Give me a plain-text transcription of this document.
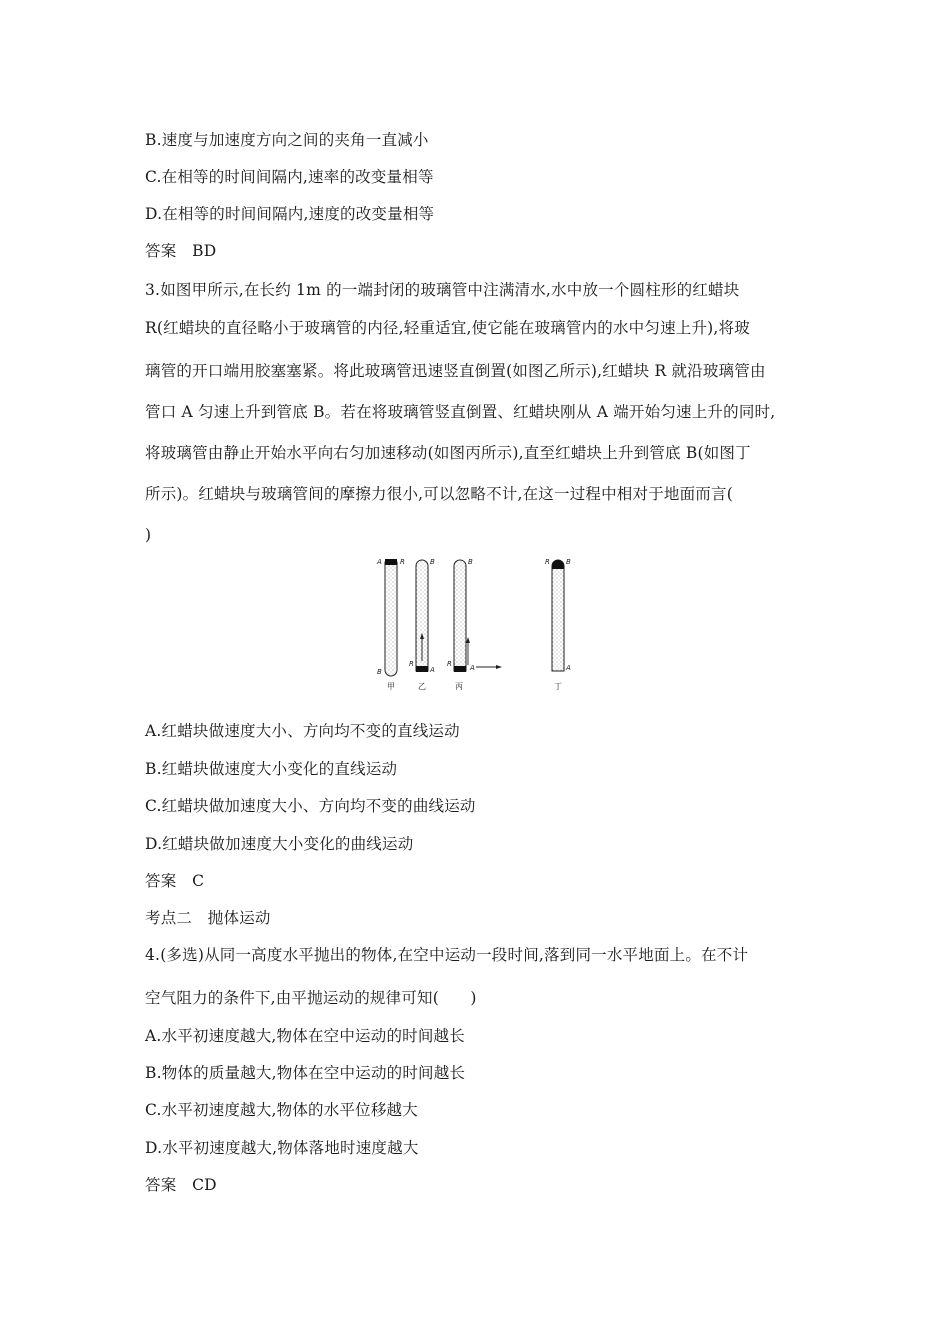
B.速度与加速度方向之间的夹角一直减小
C.在相等的时间间隔内,速率的改变量相等
D.在相等的时间间隔内,速度的改变量相等
答案　BD
3.如图甲所示,在长约 1m 的一端封闭的玻璃管中注满清水,水中放一个圆柱形的红蜡块
R(红蜡块的直径略小于玻璃管的内径,轻重适宜,使它能在玻璃管内的水中匀速上升),将玻
璃管的开口端用胶塞塞紧。将此玻璃管迅速竖直倒置(如图乙所示),红蜡块 R 就沿玻璃管由
管口 A 匀速上升到管底 B。若在将玻璃管竖直倒置、红蜡块刚从 A 端开始匀速上升的同时,
将玻璃管由静止开始水平向右匀加速移动(如图丙所示),直至红蜡块上升到管底 B(如图丁
所示)。红蜡块与玻璃管间的摩擦力很小,可以忽略不计,在这一过程中相对于地面而言(
)
A	R
B
甲
B
R
A
乙
B
R	A
丙
R B
A
丁
A.红蜡块做速度大小、方向均不变的直线运动
B.红蜡块做速度大小变化的直线运动
C.红蜡块做加速度大小、方向均不变的曲线运动
D.红蜡块做加速度大小变化的曲线运动
答案　C
考点二　抛体运动
4.(多选)从同一高度水平抛出的物体,在空中运动一段时间,落到同一水平地面上。在不计
空气阻力的条件下,由平抛运动的规律可知(　　)
A.水平初速度越大,物体在空中运动的时间越长
B.物体的质量越大,物体在空中运动的时间越长
C.水平初速度越大,物体的水平位移越大
D.水平初速度越大,物体落地时速度越大
答案　CD
